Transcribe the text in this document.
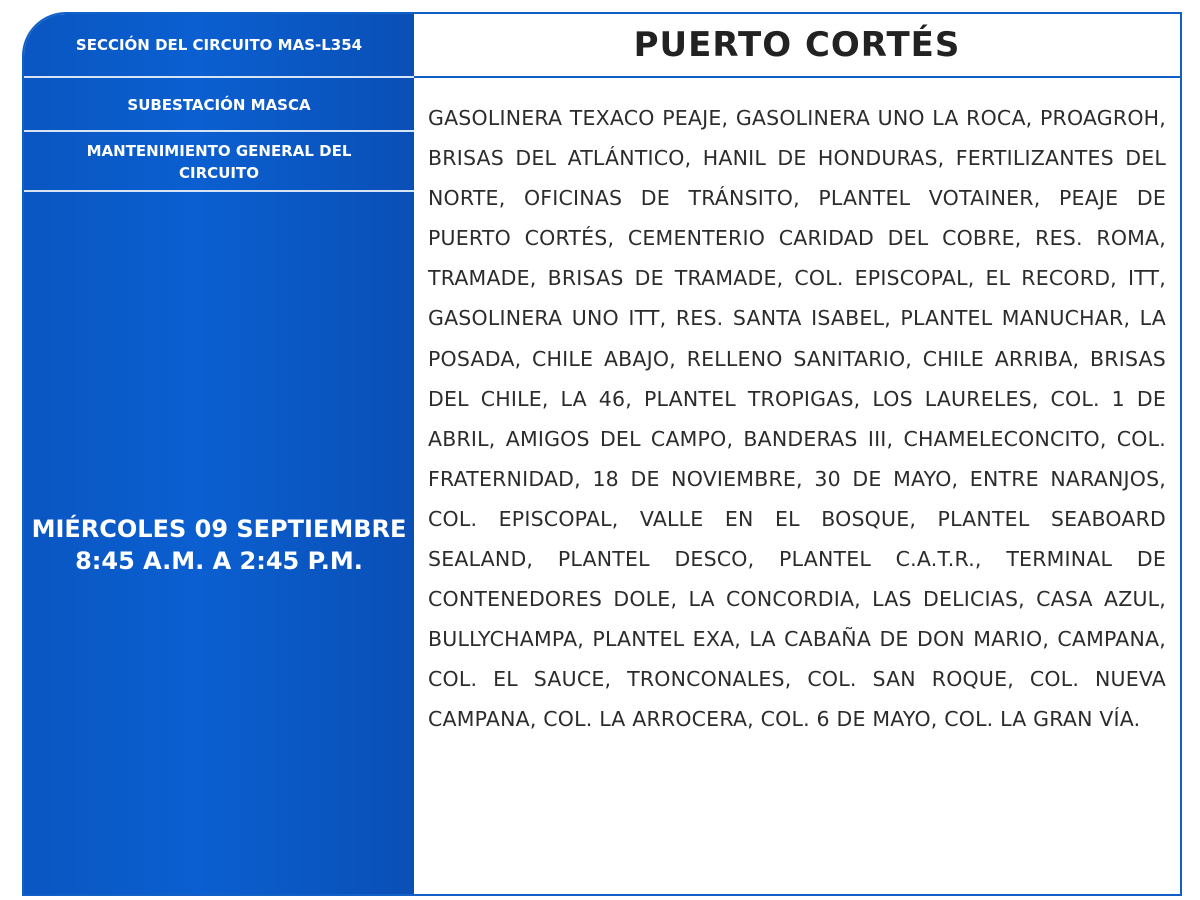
SECCIÓN DEL CIRCUITO MAS-L354
SUBESTACIÓN MASCA
MANTENIMIENTO GENERAL DEL CIRCUITO
MIÉRCOLES 09 SEPTIEMBRE
8:45 A.M. A 2:45 P.M.
PUERTO CORTÉS
GASOLINERA TEXACO PEAJE, GASOLINERA UNO LA ROCA, PROAGROH, BRISAS DEL ATLÁNTICO, HANIL DE HONDURAS, FERTILIZANTES DEL NORTE, OFICINAS DE TRÁNSITO, PLANTEL VOTAINER, PEAJE DE PUERTO CORTÉS, CEMENTERIO CARIDAD DEL COBRE, RES. ROMA, TRAMADE, BRISAS DE TRAMADE, COL. EPISCOPAL, EL RECORD, ITT, GASOLINERA UNO ITT, RES. SANTA ISABEL, PLANTEL MANUCHAR, LA POSADA, CHILE ABAJO, RELLENO SANITARIO, CHILE ARRIBA, BRISAS DEL CHILE, LA 46, PLANTEL TROPIGAS, LOS LAURELES, COL. 1 DE ABRIL, AMIGOS DEL CAMPO, BANDERAS III, CHAMELECONCITO, COL. FRATERNIDAD, 18 DE NOVIEMBRE, 30 DE MAYO, ENTRE NARANJOS, COL. EPISCOPAL, VALLE EN EL BOSQUE, PLANTEL SEABOARD SEALAND, PLANTEL DESCO, PLANTEL C.A.T.R., TERMINAL DE CONTENEDORES DOLE, LA CONCORDIA, LAS DELICIAS, CASA AZUL, BULLYCHAMPA, PLANTEL EXA, LA CABAÑA DE DON MARIO, CAMPANA, COL. EL SAUCE, TRONCONALES, COL. SAN ROQUE, COL. NUEVA CAMPANA, COL. LA ARROCERA, COL. 6 DE MAYO, COL. LA GRAN VÍA.
